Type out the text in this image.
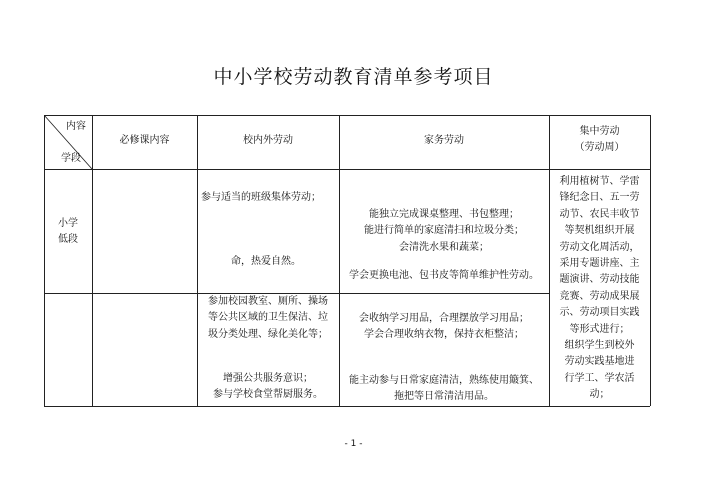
中小学校劳动教育清单参考项目
内容
学段
必修课内容	校内外劳动	家务劳动
集中劳动
（劳动周）
小学
低段
参与适当的班级集体劳动；
命，热爱自然。
能独立完成课桌整理、书包整理；
能进行简单的家庭清扫和垃圾分类；
会清洗水果和蔬菜；
学会更换电池、包书皮等简单维护性劳动。
参加校园教室、厕所、操场
等公共区域的卫生保洁、垃
圾分类处理、绿化美化等；
增强公共服务意识；
参与学校食堂帮厨服务。
会收纳学习用品，合理摆放学习用品；
学会合理收纳衣物，保持衣柜整洁；
能主动参与日常家庭清洁，熟练使用簸箕、
拖把等日常清洁用品。
利用植树节、学雷
锋纪念日、五一劳
动节、农民丰收节
等契机组织开展
劳动文化周活动，
采用专题讲座、主
题演讲、劳动技能
竞赛、劳动成果展
示、劳动项目实践
等形式进行；
组织学生到校外
劳动实践基地进
行学工、学农活
动；
- 1 -
